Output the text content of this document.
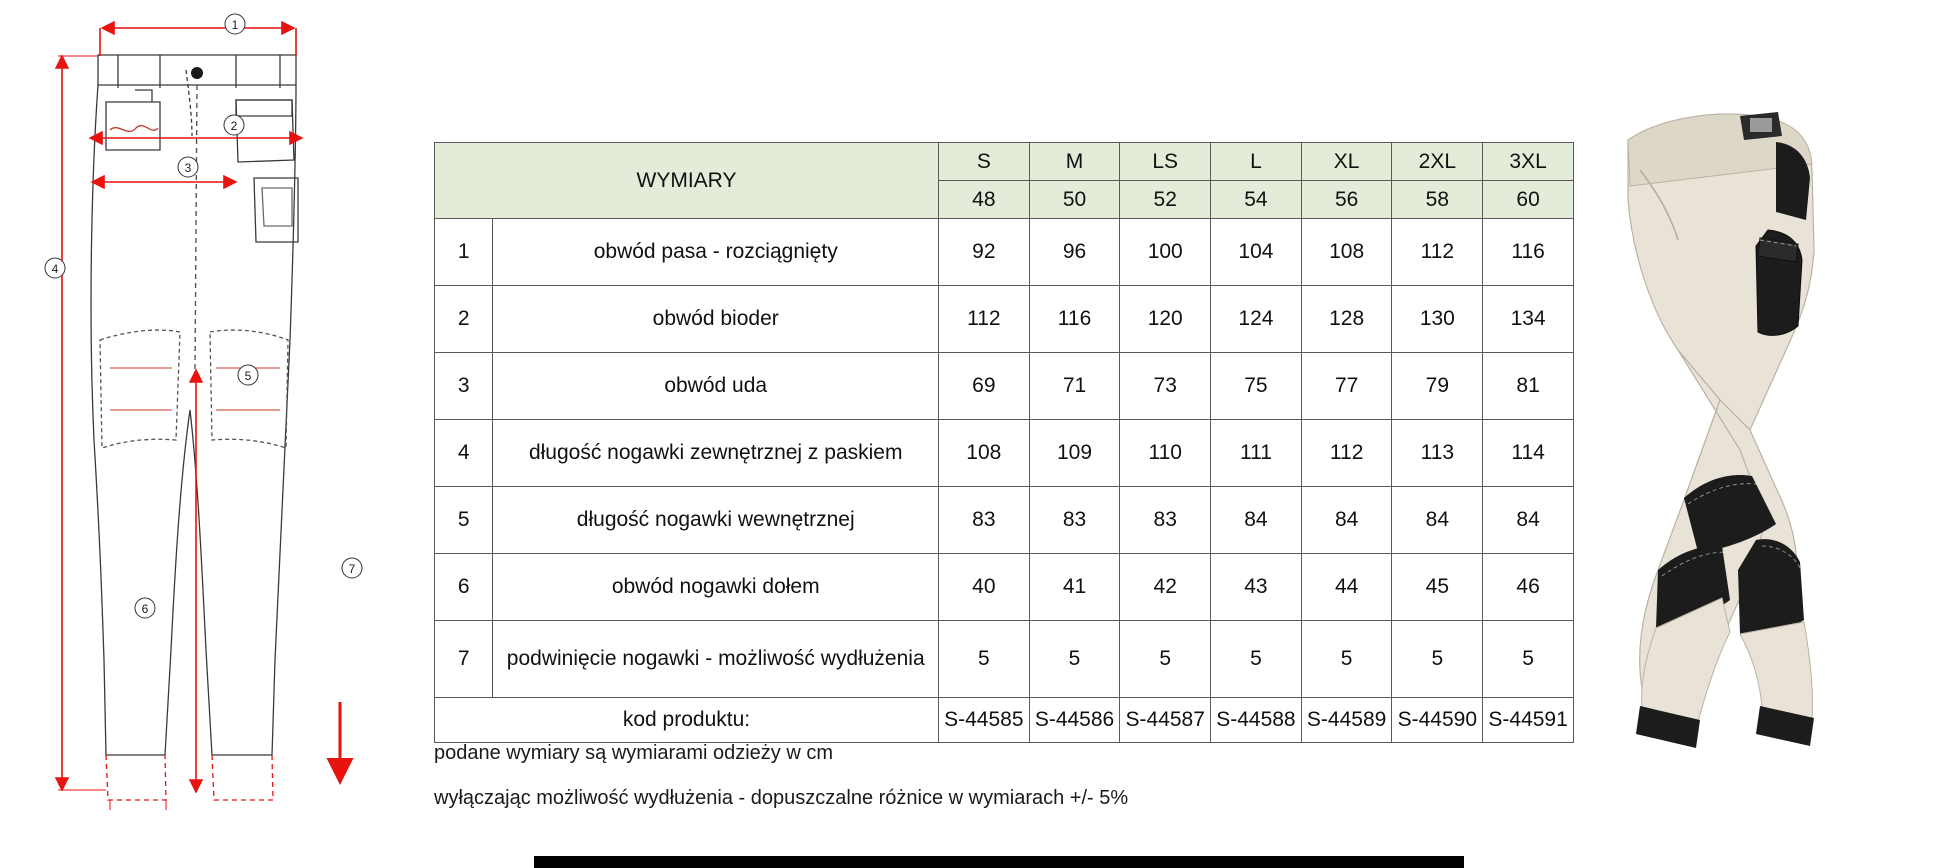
1
2
3
4
5
6
7
WYMIARY		S	M	LS	L	XL	2XL	3XL
		48	50	52	54	56	58	60
1	obwód pasa - rozciągnięty	92	96	100	104	108	112	116
2	obwód bioder	112	116	120	124	128	130	134
3	obwód uda	69	71	73	75	77	79	81
4	długość nogawki zewnętrznej z paskiem	108	109	110	111	112	113	114
5	długość nogawki wewnętrznej	83	83	83	84	84	84	84
6	obwód nogawki dołem	40	41	42	43	44	45	46
7	podwinięcie nogawki - możliwość wydłużenia	5	5	5	5	5	5	5
kod produktu:		S-44585	S-44586	S-44587	S-44588	S-44589	S-44590	S-44591

podane wymiary są wymiarami odzieży w cm

wyłączając możliwość wydłużenia - dopuszczalne różnice w wymiarach +/- 5%
